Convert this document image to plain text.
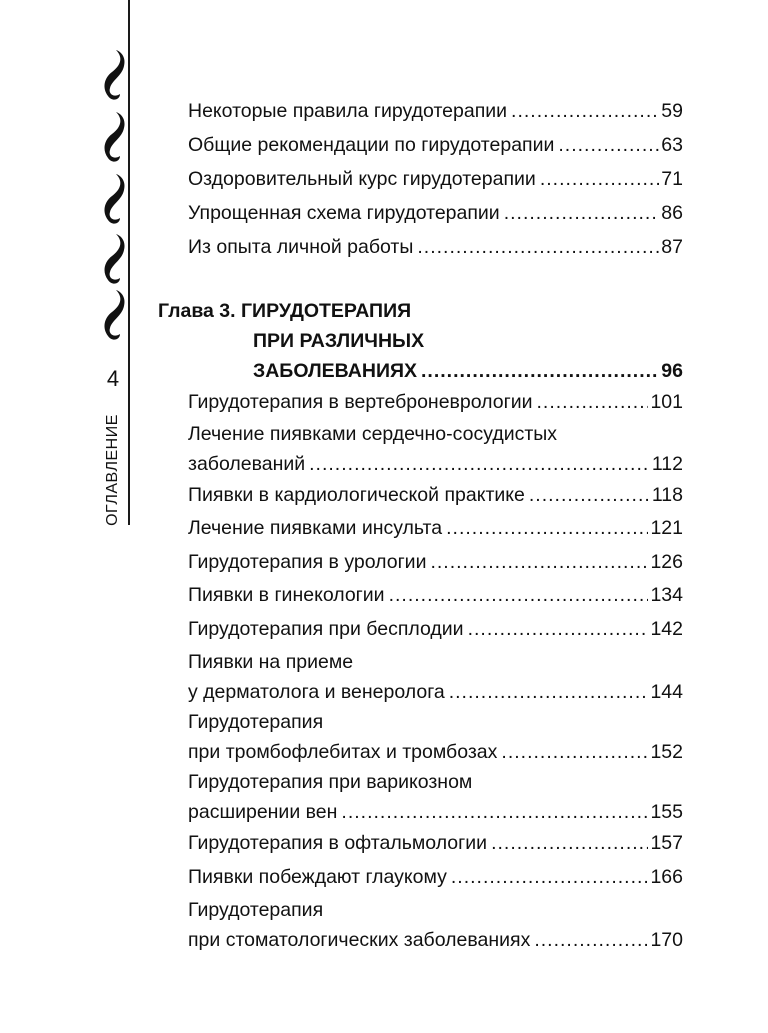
4
ОГЛАВЛЕНИЕ
Некоторые правила гирудотерапии .....	59
Общие рекомендации по гирудотерапии .....	63
Оздоровительный курс гирудотерапии .....	71
Упрощенная схема гирудотерапии .....	86
Из опыта личной работы .....	87
Глава 3.
ГИРУДОТЕРАПИЯ
ПРИ РАЗЛИЧНЫХ
ЗАБОЛЕВАНИЯХ .....	96
Гирудотерапия в вертеброневрологии .....	101
Лечение пиявками сердечно-сосудистых
заболеваний .....	112
Пиявки в кардиологической практике .....	118
Лечение пиявками инсульта .....	121
Гирудотерапия в урологии .....	126
Пиявки в гинекологии .....	134
Гирудотерапия при бесплодии .....	142
Пиявки на приеме
у дерматолога и венеролога .....	144
Гирудотерапия
при тромбофлебитах и тромбозах .....	152
Гирудотерапия при варикозном
расширении вен .....	155
Гирудотерапия в офтальмологии .....	157
Пиявки побеждают глаукому .....	166
Гирудотерапия
при стоматологических заболеваниях .....	170
